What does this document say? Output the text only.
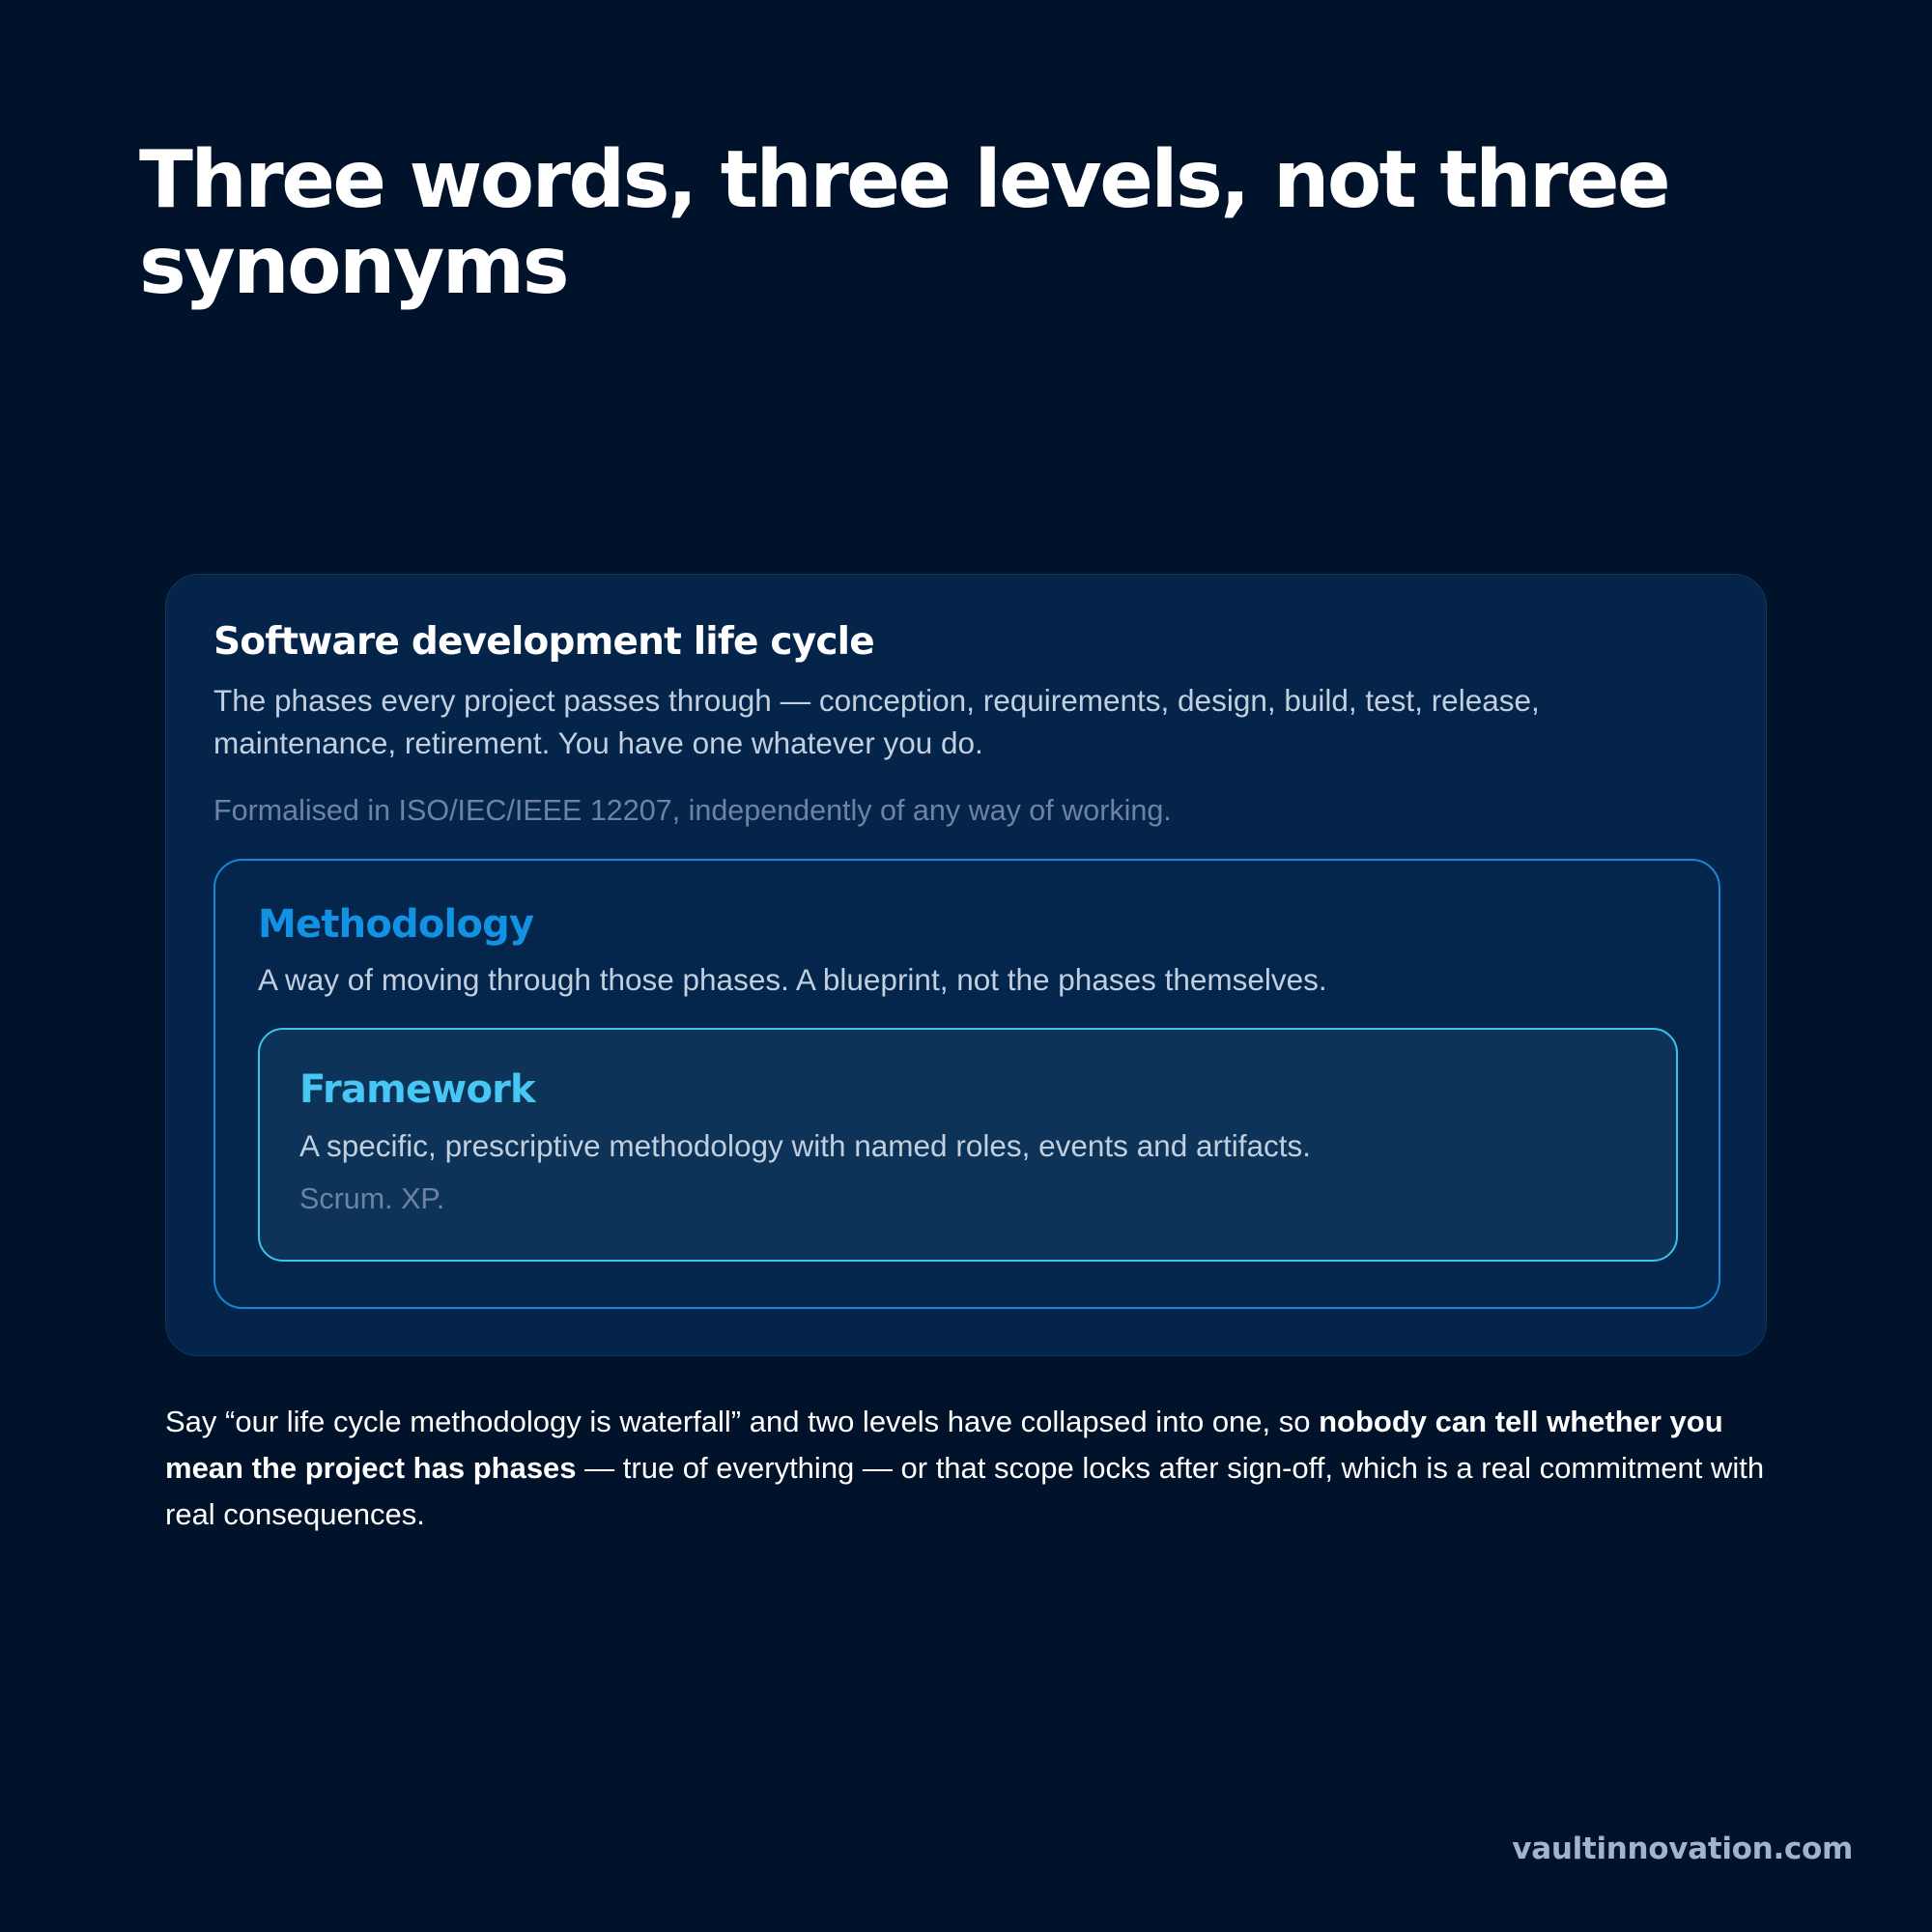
Three words, three levels, not three synonyms
Software development life cycle

The phases every project passes through — conception, requirements, design, build, test, release, maintenance, retirement. You have one whatever you do.

Formalised in ISO/IEC/IEEE 12207, independently of any way of working.

Methodology

A way of moving through those phases. A blueprint, not the phases themselves.

Framework

A specific, prescriptive methodology with named roles, events and artifacts.

Scrum. XP.

Say “our life cycle methodology is waterfall” and two levels have collapsed into one, so nobody can tell whether you mean the project has phases — true of everything — or that scope locks after sign-off, which is a real commitment with real consequences.

vaultinnovation.com
